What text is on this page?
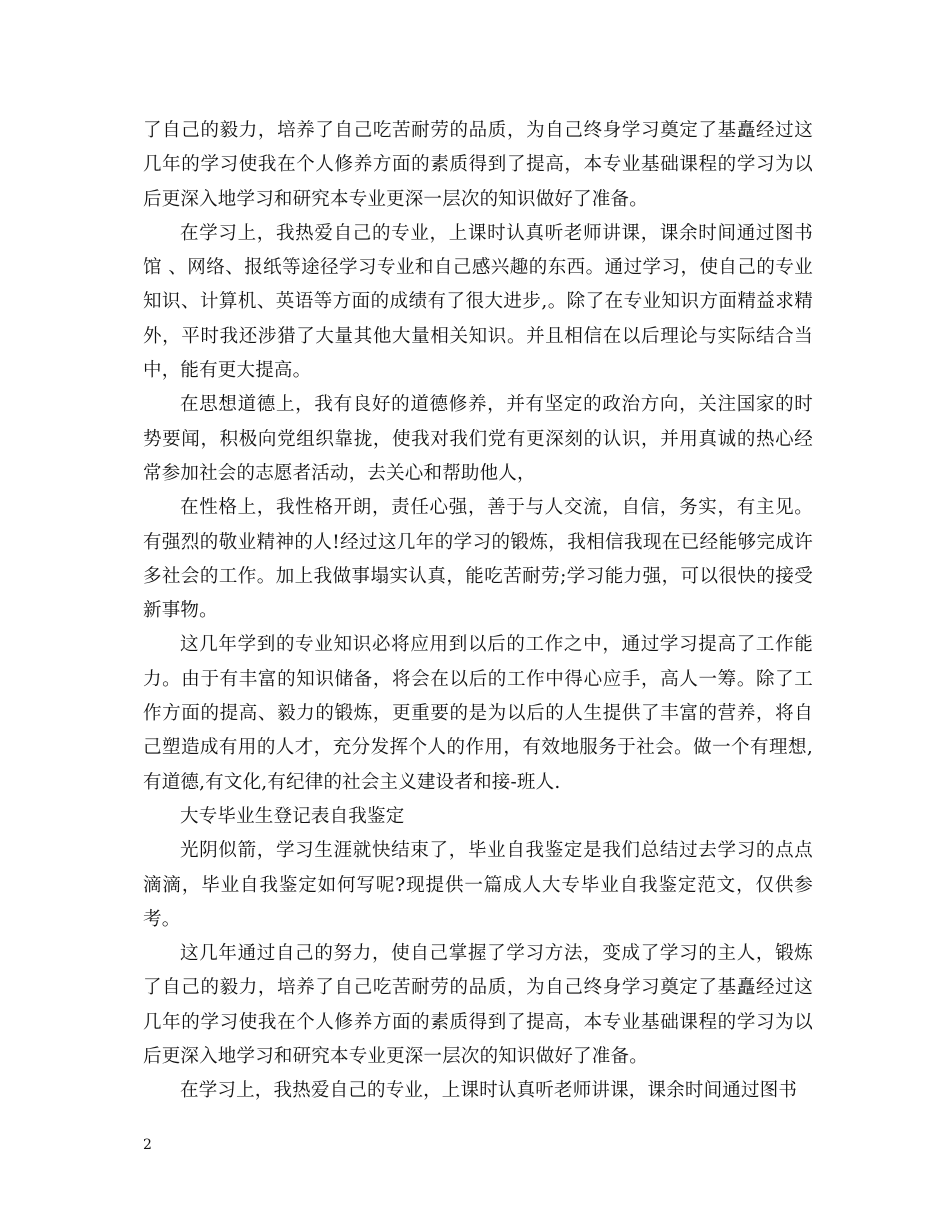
了自己的毅力，培养了自己吃苦耐劳的品质，为自己终身学习奠定了基矗经过这几年的学习使我在个人修养方面的素质得到了提高，本专业基础课程的学习为以后更深入地学习和研究本专业更深一层次的知识做好了准备。

在学习上，我热爱自己的专业，上课时认真听老师讲课，课余时间通过图书馆 、网络、报纸等途径学习专业和自己感兴趣的东西。通过学习，使自己的专业知识、计算机、英语等方面的成绩有了很大进步,。除了在专业知识方面精益求精外，平时我还涉猎了大量其他大量相关知识。并且相信在以后理论与实际结合当中，能有更大提高。

在思想道德上，我有良好的道德修养，并有坚定的政治方向，关注国家的时势要闻，积极向党组织靠拢，使我对我们党有更深刻的认识，并用真诚的热心经常参加社会的志愿者活动，去关心和帮助他人，

在性格上，我性格开朗，责任心强，善于与人交流，自信，务实，有主见。有强烈的敬业精神的人!经过这几年的学习的锻炼，我相信我现在已经能够完成许多社会的工作。加上我做事塌实认真，能吃苦耐劳;学习能力强，可以很快的接受新事物。

这几年学到的专业知识必将应用到以后的工作之中，通过学习提高了工作能力。由于有丰富的知识储备，将会在以后的工作中得心应手，高人一筹。除了工作方面的提高、毅力的锻炼，更重要的是为以后的人生提供了丰富的营养，将自己塑造成有用的人才，充分发挥个人的作用，有效地服务于社会。做一个有理想,有道德,有文化,有纪律的社会主义建设者和接-班人.

大专毕业生登记表自我鉴定

光阴似箭，学习生涯就快结束了，毕业自我鉴定是我们总结过去学习的点点滴滴，毕业自我鉴定如何写呢?现提供一篇成人大专毕业自我鉴定范文，仅供参考。

这几年通过自己的努力，使自己掌握了学习方法，变成了学习的主人，锻炼了自己的毅力，培养了自己吃苦耐劳的品质，为自己终身学习奠定了基矗经过这几年的学习使我在个人修养方面的素质得到了提高，本专业基础课程的学习为以后更深入地学习和研究本专业更深一层次的知识做好了准备。

在学习上，我热爱自己的专业，上课时认真听老师讲课，课余时间通过图书

2
